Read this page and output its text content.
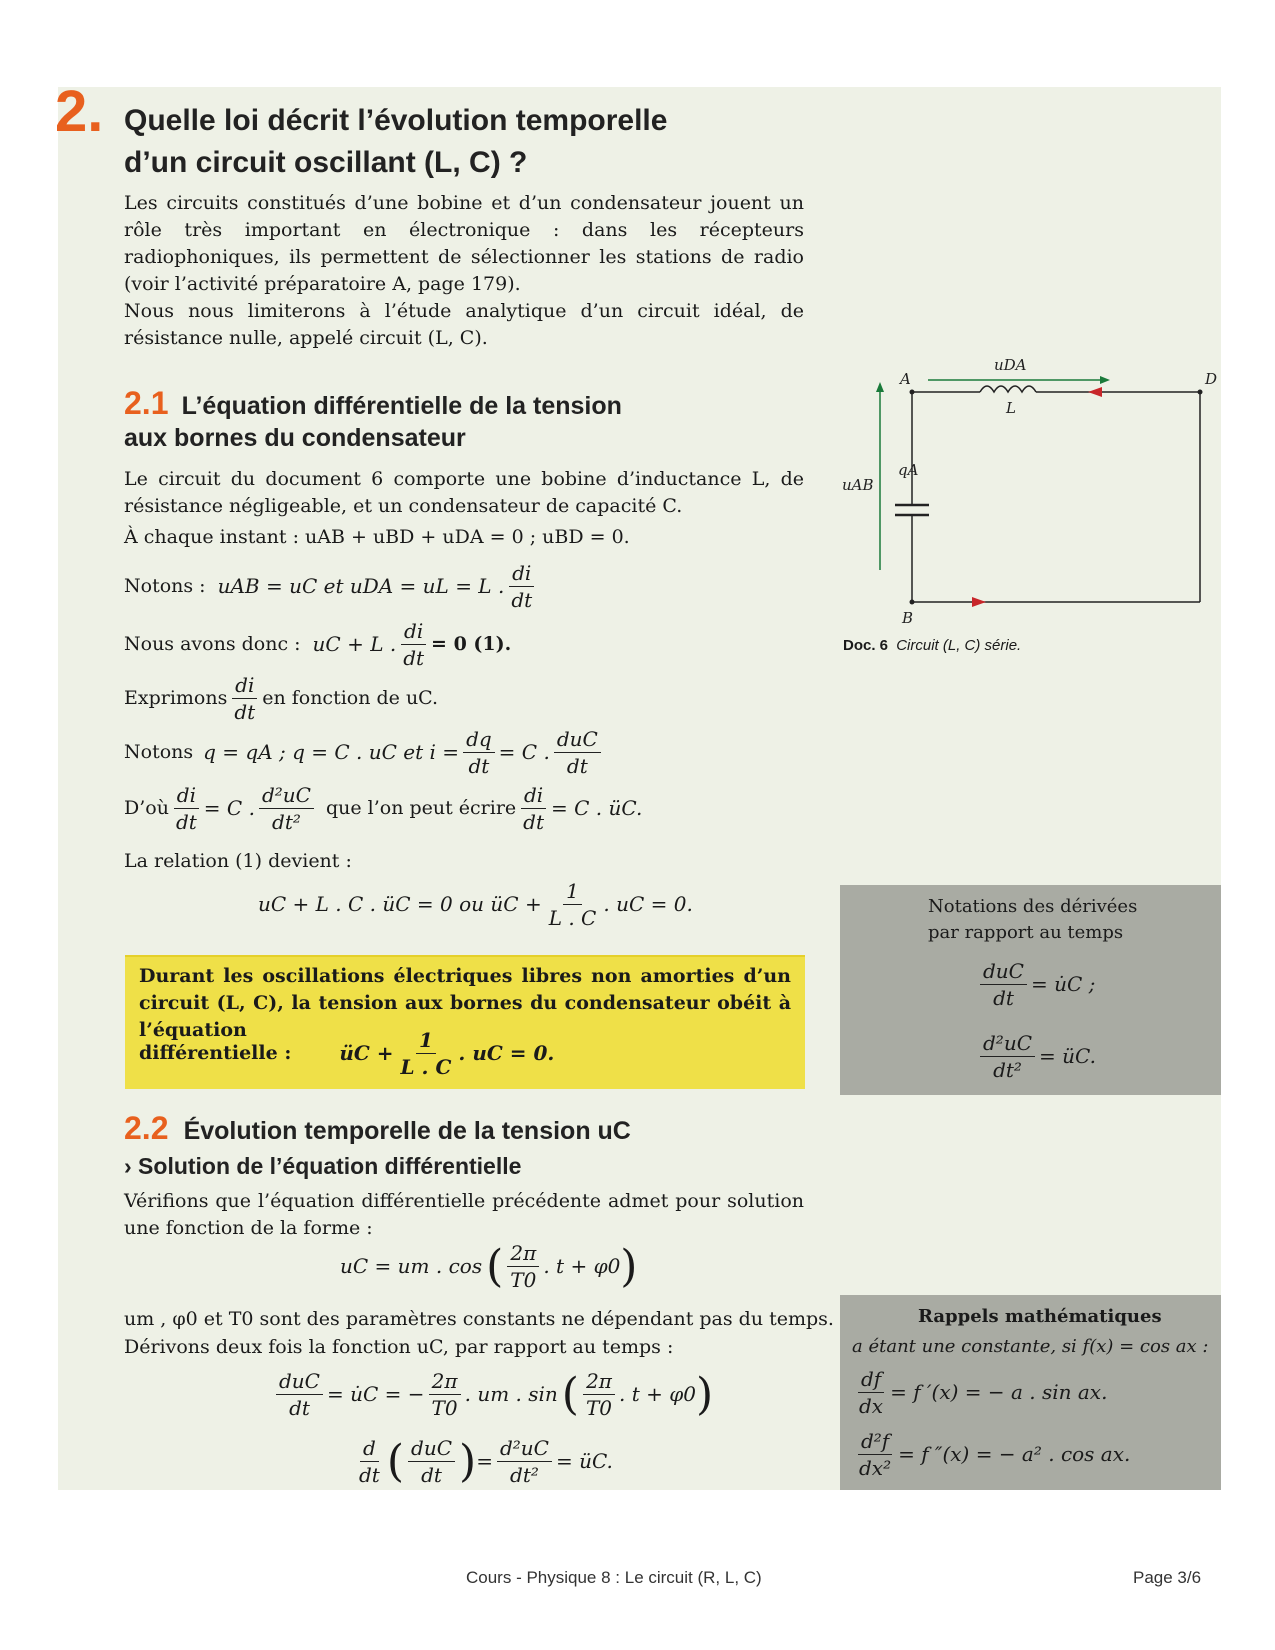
2. Quelle loi décrit l’évolution temporelle
d’un circuit oscillant (L, C) ?
Les circuits constitués d’une bobine et d’un condensateur jouent un rôle très important en électronique : dans les récepteurs radiophoniques, ils permettent de sélectionner les stations de radio (voir l’activité préparatoire A, page 179).
Nous nous limiterons à l’étude analytique d’un circuit idéal, de résistance nulle, appelé circuit (L, C).
2.1 L’équation différentielle de la tension
aux bornes du condensateur
Le circuit du document 6 comporte une bobine d’inductance L, de résistance négligeable, et un condensateur de capacité C.
À chaque instant : uAB + uBD + uDA = 0 ; uBD = 0.
Notons : uAB = uC et uDA = uL = L . $\frac{di}{dt}$
Nous avons donc : uC + L . $\frac{di}{dt} = 0$ (1).
Exprimons $\frac{di}{dt}$ en fonction de uC.
Notons q = qA ; q = C . uC et $i = \frac{dq}{dt} = C$ . $\frac{\text{duC}}{dt}$
D’où $\frac{di}{dt} = C$ . $\frac{\text{d²uC}}{\text{dt²}}$ que l’on peut écrire $\frac{di}{dt} = C$ . üC.
La relation (1) devient :
uC + L . C . üC = 0 ou üC + $\frac{1}{L . C}$ . uC = 0.
Durant les oscillations électriques libres non amorties d’un circuit (L, C), la tension aux bornes du condensateur obéit à l’équation
différentielle : üC + $\frac{1}{L . C}$ . uC = 0.
2.2 Évolution temporelle de la tension uC
› Solution de l’équation différentielle
Vérifions que l’équation différentielle précédente admet pour solution une fonction de la forme :
uC = um . cos ( $\frac{2\pi}{T0}$ . t + φ0 )
um , φ0 et T0 sont des paramètres constants ne dépendant pas du temps.
Dérivons deux fois la fonction uC, par rapport au temps :
$\frac{\text{duC}}{dt}$ = u̇C = − $\frac{2\pi}{T0}$ . um . sin ( $\frac{2\pi}{T0}$ . t + φ0 )
$\frac{d}{dt}$ ( $\frac{\text{duC}}{dt}$ ) = $\frac{\text{d²uC}}{\text{dt²}}$ = üC.
A	D
B
L
uDA
uAB
qA
Doc. 6 Circuit (L, C) série.
Notations des dérivées
par rapport au temps
$\frac{\text{duC}}{dt}$ = u̇C ;
$\frac{\text{d²uC}}{\text{dt²}}$ = üC.
Rappels mathématiques
a étant une constante, si f(x) = cos ax :
$\frac{df}{dx} = f$ ′(x) = − a . sin ax.
$\frac{\text{d²f}}{\text{dx²}} = f$ ″(x) = − a² . cos ax.
Cours - Physique 8 : Le circuit (R, L, C)	Page 3/6
